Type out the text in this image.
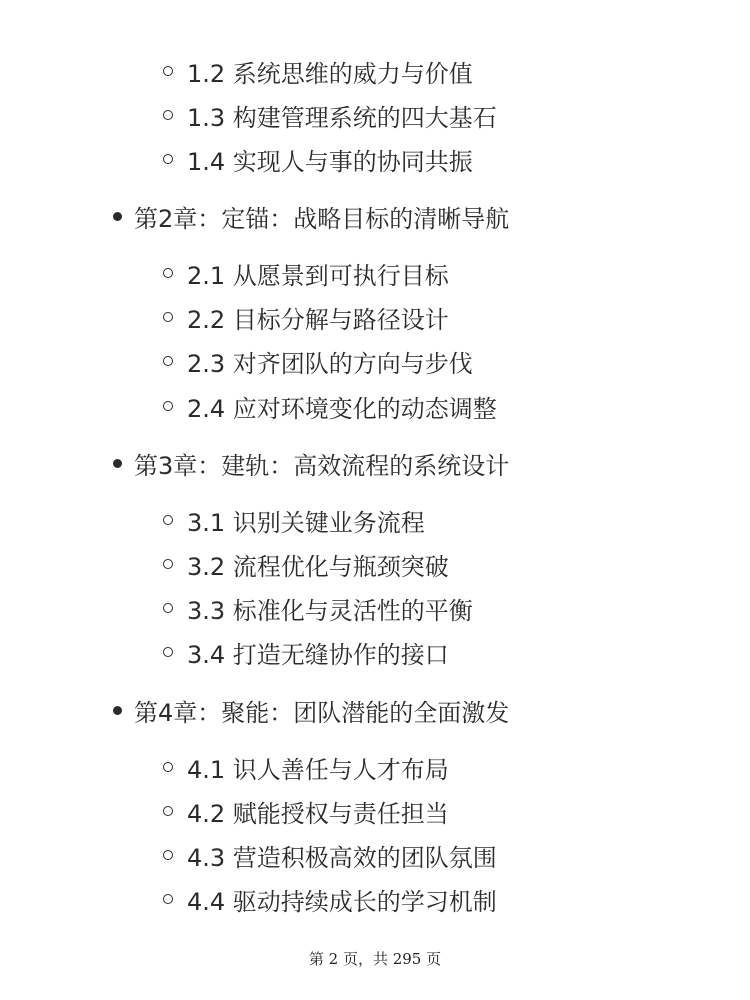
1.2 系统思维的威力与价值
1.3 构建管理系统的四大基石
1.4 实现人与事的协同共振
第2章：定锚：战略目标的清晰导航
2.1 从愿景到可执行目标
2.2 目标分解与路径设计
2.3 对齐团队的方向与步伐
2.4 应对环境变化的动态调整
第3章：建轨：高效流程的系统设计
3.1 识别关键业务流程
3.2 流程优化与瓶颈突破
3.3 标准化与灵活性的平衡
3.4 打造无缝协作的接口
第4章：聚能：团队潜能的全面激发
4.1 识人善任与人才布局
4.2 赋能授权与责任担当
4.3 营造积极高效的团队氛围
4.4 驱动持续成长的学习机制
第 2 页，共 295 页
